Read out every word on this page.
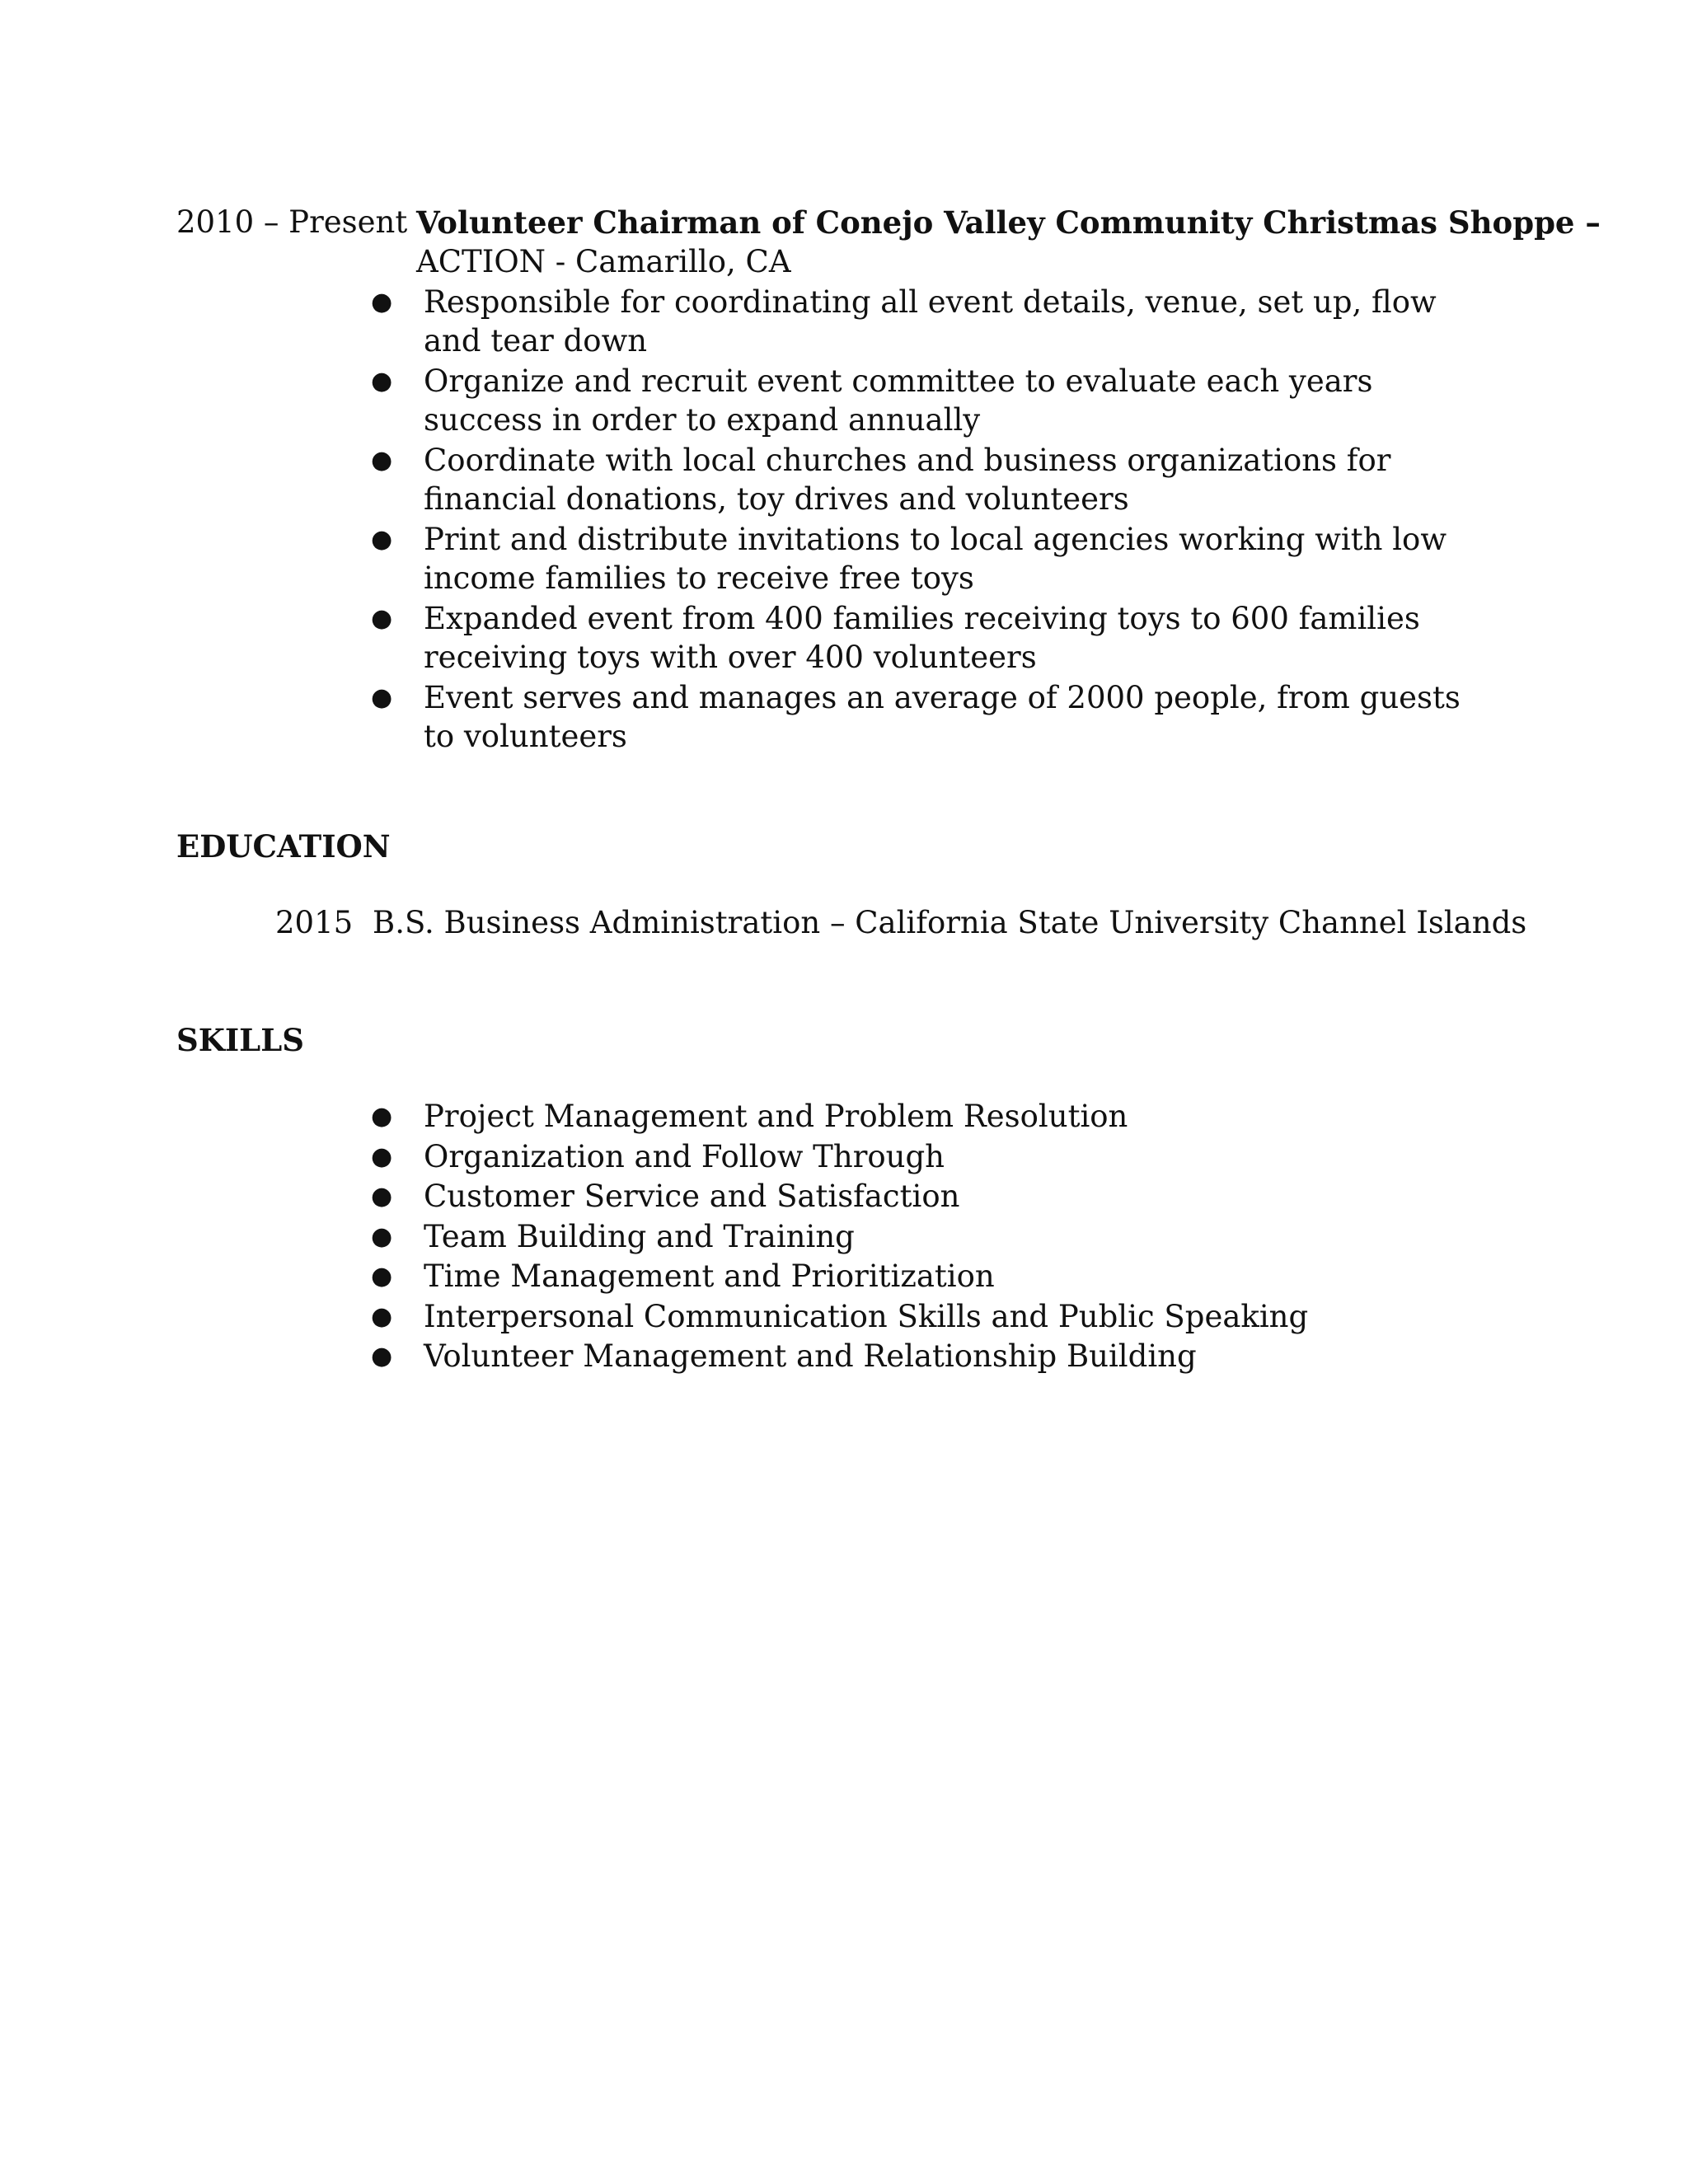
2010 – Present Volunteer Chairman of Conejo Valley Community Christmas Shoppe –
ACTION - Camarillo, CA
● Responsible for coordinating all event details, venue, set up, flow and tear down
● Organize and recruit event committee to evaluate each years success in order to expand annually
● Coordinate with local churches and business organizations for financial donations, toy drives and volunteers
● Print and distribute invitations to local agencies working with low income families to receive free toys
● Expanded event from 400 families receiving toys to 600 families receiving toys with over 400 volunteers
● Event serves and manages an average of 2000 people, from guests to volunteers
EDUCATION
2015 B.S. Business Administration – California State University Channel Islands
SKILLS
● Project Management and Problem Resolution
● Organization and Follow Through
● Customer Service and Satisfaction
● Team Building and Training
● Time Management and Prioritization
● Interpersonal Communication Skills and Public Speaking
● Volunteer Management and Relationship Building
